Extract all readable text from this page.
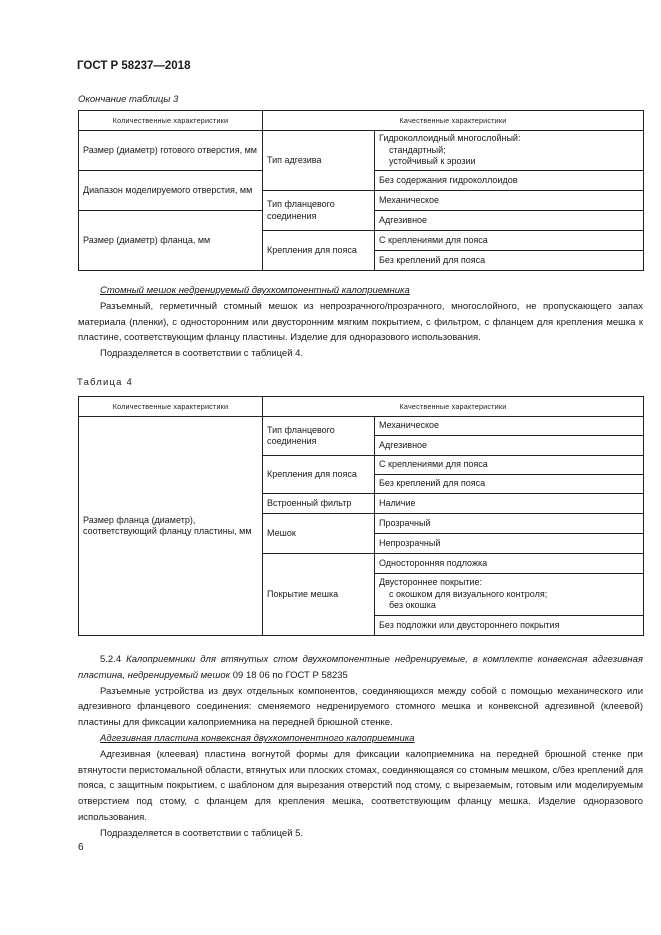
ГОСТ Р 58237—2018
Окончание таблицы 3
Количественные характеристики	Качественные характеристики	
Размер (диаметр) готового отверстия, мм	Тип адгезива	Гидроколлоидный многослойный:
стандартный;
устойчивый к эрозии

Диапазон моделируемого отверстия, мм		Без содержания гидроколлоидов
	Тип фланцевого соединения	Механическое
Размер (диаметр) фланца, мм		Адгезивное
	Крепления для пояса	С креплениями для пояса
		Без креплений для пояса

Стомный мешок недренируемый двухкомпонентный калоприемника

Разъемный, герметичный стомный мешок из непрозрачного/прозрачного, многослойного, не пропускающего запах материала (пленки), с односторонним или двусторонним мягким покрытием, с фильтром, с фланцем для крепления мешка к пластине, соответствующим фланцу пластины. Изделие для одноразового использования.

Подразделяется в соответствии с таблицей 4.

Таблица 4
Количественные характеристики	Качественные характеристики	
Размер фланца (диаметр), соответствующий фланцу пластины, мм	Тип фланцевого соединения	Механическое
		Адгезивное
	Крепления для пояса	С креплениями для пояса
		Без креплений для пояса
	Встроенный фильтр	Наличие
	Мешок	Прозрачный
		Непрозрачный
	Покрытие мешка	Односторонняя подложка
		Двустороннее покрытие:
с окошком для визуального контроля;
без окошка

		Без подложки или двустороннего покрытия

5.2.4 Калоприемники для втянутых стом двухкомпонентные недренируемые, в комплекте конвексная адгезивная пластина, недренируемый мешок 09 18 06 по ГОСТ Р 58235

Разъемные устройства из двух отдельных компонентов, соединяющихся между собой с помощью механического или адгезивного фланцевого соединения: сменяемого недренируемого стомного мешка и конвексной адгезивной (клеевой) пластины для фиксации калоприемника на передней брюшной стенке.

Адгезивная пластина конвексная двухкомпонентного калоприемника

Адгезивная (клеевая) пластина вогнутой формы для фиксации калоприемника на передней брюшной стенке при втянутости перистомальной области, втянутых или плоских стомах, соединяющаяся со стомным мешком, с/без креплений для пояса, с защитным покрытием, с шаблоном для вырезания отверстий под стому, с вырезаемым, готовым или моделируемым отверстием под стому, с фланцем для крепления мешка, соответствующим фланцу мешка. Изделие одноразового использования.

Подразделяется в соответствии с таблицей 5.

6
